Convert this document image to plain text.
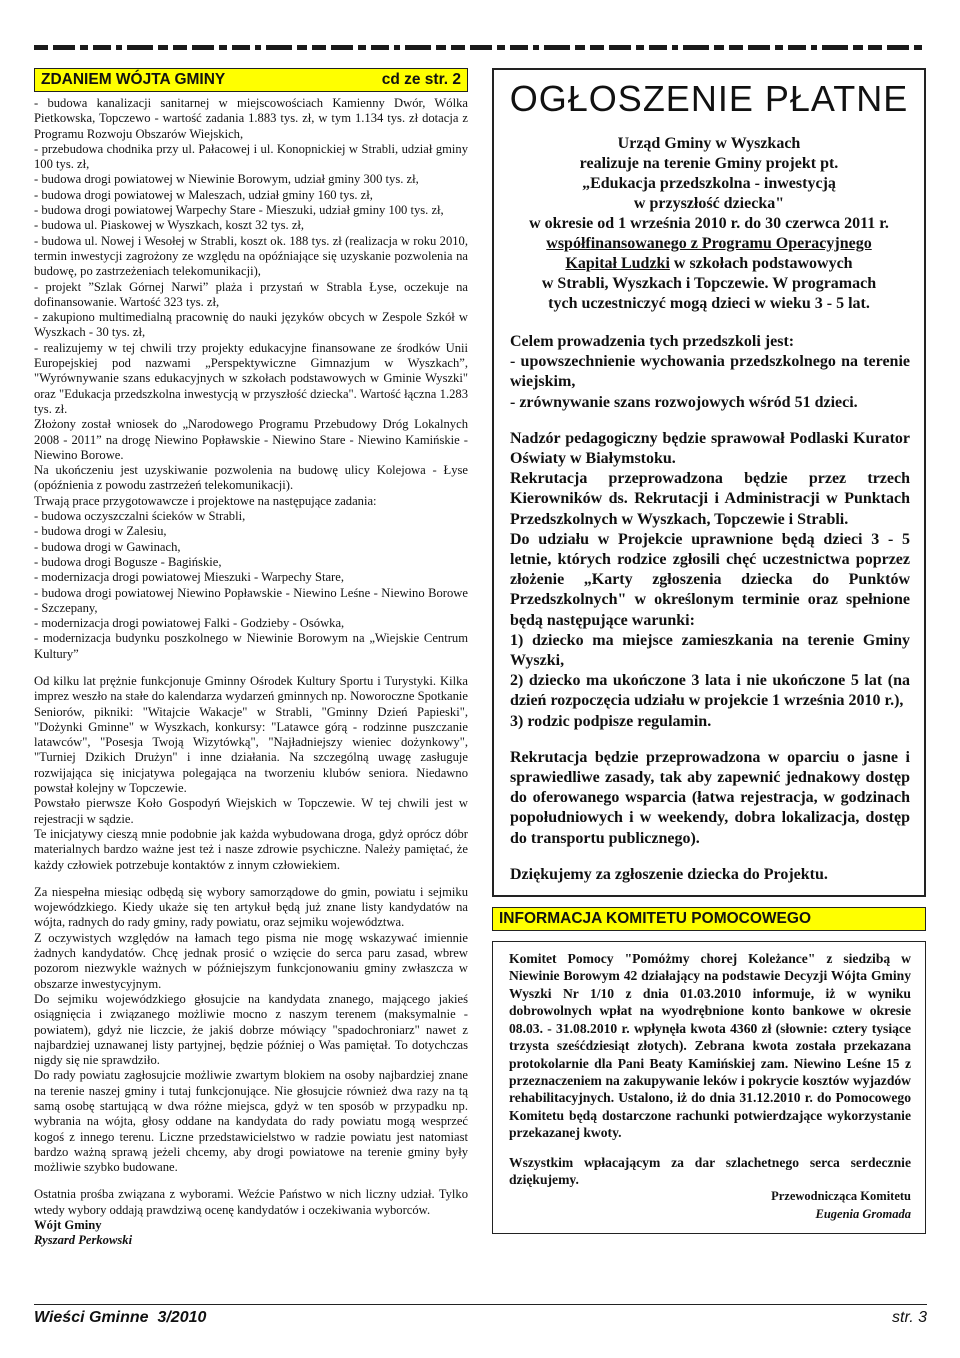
ZDANIEM WÓJTA GMINY	cd ze str. 2

- budowa kanalizacji sanitarnej w miejscowościach Kamienny Dwór, Wólka Pietkowska, Topczewo - wartość zadania 1.883 tys. zł, w tym 1.134 tys. zł dotacja z Programu Rozwoju Obszarów Wiejskich,

- przebudowa chodnika przy ul. Pałacowej i ul. Konopnickiej w Strabli, udział gminy 100 tys. zł,

- budowa drogi powiatowej w Niewinie Borowym, udział gminy 300 tys. zł,

- budowa drogi powiatowej w Maleszach, udział gminy 160 tys. zł,

- budowa drogi powiatowej Warpechy Stare - Mieszuki, udział gminy 100 tys. zł,

- budowa ul. Piaskowej w Wyszkach, koszt 32 tys. zł,

- budowa ul. Nowej i Wesołej w Strabli, koszt ok. 188 tys. zł (realizacja w roku 2010, termin inwestycji zagrożony ze względu na opóźniające się uzyskanie pozwolenia na budowę, po zastrzeżeniach telekomunikacji),

- projekt ”Szlak Górnej Narwi” plaża i przystań w Strabla Łyse, oczekuje na dofinansowanie. Wartość 323 tys. zł,

- zakupiono multimedialną pracownię do nauki języków obcych w Zespole Szkół w Wyszkach - 30 tys. zł,

- realizujemy w tej chwili trzy projekty edukacyjne finansowane ze środków Unii Europejskiej pod nazwami „Perspektywiczne Gimnazjum w Wyszkach”, "Wyrównywanie szans edukacyjnych w szkołach podstawowych w Gminie Wyszki" oraz "Edukacja przedszkolna inwestycją w przyszłość dziecka". Wartość łączna 1.283 tys. zł.

Złożony został wniosek do „Narodowego Programu Przebudowy Dróg Lokalnych 2008 - 2011” na drogę Niewino Popławskie - Niewino Stare - Niewino Kamińskie - Niewino Borowe.

Na ukończeniu jest uzyskiwanie pozwolenia na budowę ulicy Kolejowa - Łyse (opóźnienia z powodu zastrzeżeń telekomunikacji).

Trwają prace przygotowawcze i projektowe na następujące zadania:

- budowa oczyszczalni ścieków w Strabli,

- budowa drogi w Zalesiu,

- budowa drogi w Gawinach,

- budowa drogi Bogusze - Bagińskie,

- modernizacja drogi powiatowej Mieszuki - Warpechy Stare,

- budowa drogi powiatowej Niewino Popławskie - Niewino Leśne - Niewino Borowe - Szczepany,

- modernizacja drogi powiatowej Falki - Godzieby - Osówka,

- modernizacja budynku poszkolnego w Niewinie Borowym na „Wiejskie Centrum Kultury”

Od kilku lat prężnie funkcjonuje Gminny Ośrodek Kultury Sportu i Turystyki. Kilka imprez weszło na stałe do kalendarza wydarzeń gminnych np. Noworoczne Spotkanie Seniorów, pikniki: "Witajcie Wakacje" w Strabli, "Gminny Dzień Papieski", "Dożynki Gminne" w Wyszkach, konkursy: "Latawce górą - rodzinne puszczanie latawców", "Posesja Twoją Wizytówką", "Najładniejszy wieniec dożynkowy", "Turniej Dzikich Drużyn" i inne działania. Na szczególną uwagę zasługuje rozwijająca się inicjatywa polegająca na tworzeniu klubów seniora. Niedawno powstał kolejny w Topczewie.

Powstało pierwsze Koło Gospodyń Wiejskich w Topczewie. W tej chwili jest w rejestracji w sądzie.

Te inicjatywy cieszą mnie podobnie jak każda wybudowana droga, gdyż oprócz dóbr materialnych bardzo ważne jest też i nasze zdrowie psychiczne. Należy pamiętać, że każdy człowiek potrzebuje kontaktów z innym człowiekiem.

Za niespełna miesiąc odbędą się wybory samorządowe do gmin, powiatu i sejmiku wojewódzkiego. Kiedy ukaże się ten artykuł będą już znane listy kandydatów na wójta, radnych do rady gminy, rady powiatu, oraz sejmiku województwa.

Z oczywistych względów na łamach tego pisma nie mogę wskazywać imiennie żadnych kandydatów. Chcę jednak prosić o wzięcie do serca paru zasad, wbrew pozorom niezwykle ważnych w późniejszym funkcjonowaniu gminy zwłaszcza w obszarze inwestycyjnym.

Do sejmiku wojewódzkiego głosujcie na kandydata znanego, mającego jakieś osiągnięcia i związanego możliwie mocno z naszym terenem (maksymalnie - powiatem), gdyż nie liczcie, że jakiś dobrze mówiący "spadochroniarz" nawet z najbardziej uznawanej listy partyjnej, będzie później o Was pamiętał. To dotychczas nigdy się nie sprawdziło.

Do rady powiatu zagłosujcie możliwie zwartym blokiem na osoby najbardziej znane na terenie naszej gminy i tutaj funkcjonujące. Nie głosujcie również dwa razy na tą samą osobę startującą w dwa różne miejsca, gdyż w ten sposób w przypadku np. wybrania na wójta, głosy oddane na kandydata do rady powiatu mogą wesprzeć kogoś z innego terenu. Liczne przedstawicielstwo w radzie powiatu jest natomiast bardzo ważną sprawą jeżeli chcemy, aby drogi powiatowe na terenie gminy były możliwie szybko budowane.

Ostatnia prośba związana z wyborami. Weźcie Państwo w nich liczny udział. Tylko wtedy wybory oddają prawdziwą ocenę kandydatów i oczekiwania wyborców.

Wójt Gminy

Ryszard Perkowski

OGŁOSZENIE PŁATNE
Urząd Gminy w Wyszkach
realizuje na terenie Gminy projekt pt.
„Edukacja przedszkolna - inwestycją
w przyszłość dziecka"
w okresie od 1 września 2010 r. do 30 czerwca 2011 r.
współfinansowanego z Programu Operacyjnego
Kapitał Ludzki w szkołach podstawowych
w Strabli, Wyszkach i Topczewie. W programach
tych uczestniczyć mogą dzieci w wieku 3 - 5 lat.

Celem prowadzenia tych przedszkoli jest:

- upowszechnienie wychowania przedszkolnego na terenie wiejskim,

- zrównywanie szans rozwojowych wśród 51 dzieci.

Nadzór pedagogiczny będzie sprawował Podlaski Kurator Oświaty w Białymstoku.

Rekrutacja przeprowadzona będzie przez trzech Kierowników ds. Rekrutacji i Administracji w Punktach Przedszkolnych w Wyszkach, Topczewie i Strabli.

Do udziału w Projekcie uprawnione będą dzieci 3 - 5 letnie, których rodzice zgłosili chęć uczestnictwa poprzez złożenie „Karty zgłoszenia dziecka do Punktów Przedszkolnych" w określonym terminie oraz spełnione będą następujące warunki:

1) dziecko ma miejsce zamieszkania na terenie Gminy Wyszki,

2) dziecko ma ukończone 3 lata i nie ukończone 5 lat (na dzień rozpoczęcia udziału w projekcie 1 września 2010 r.),

3) rodzic podpisze regulamin.

Rekrutacja będzie przeprowadzona w oparciu o jasne i sprawiedliwe zasady, tak aby zapewnić jednakowy dostęp do oferowanego wsparcia (łatwa rejestracja, w godzinach popołudniowych i w weekendy, dobra lokalizacja, dostęp do transportu publicznego).

Dziękujemy za zgłoszenie dziecka do Projektu.

INFORMACJA KOMITETU POMOCOWEGO

Komitet Pomocy "Pomóżmy chorej Koleżance" z siedzibą w Niewinie Borowym 42 działający na podstawie Decyzji Wójta Gminy Wyszki Nr 1/10 z dnia 01.03.2010 informuje, iż w wyniku dobrowolnych wpłat na wyodrębnione konto bankowe w okresie 08.03. - 31.08.2010 r. wpłynęła kwota 4360 zł (słownie: cztery tysiące trzysta sześćdziesiąt złotych). Zebrana kwota została przekazana protokolarnie dla Pani Beaty Kamińskiej zam. Niewino Leśne 15 z przeznaczeniem na zakupywanie leków i pokrycie kosztów wyjazdów rehabilitacyjnych. Ustalono, iż do dnia 31.12.2010 r. do Pomocowego Komitetu będą dostarczone rachunki potwierdzające wykorzystanie przekazanej kwoty.

Wszystkim wpłacającym za dar szlachetnego serca serdecznie dziękujemy.

Przewodnicząca Komitetu

Eugenia Gromada

Wieści Gminne  3/2010	str. 3
